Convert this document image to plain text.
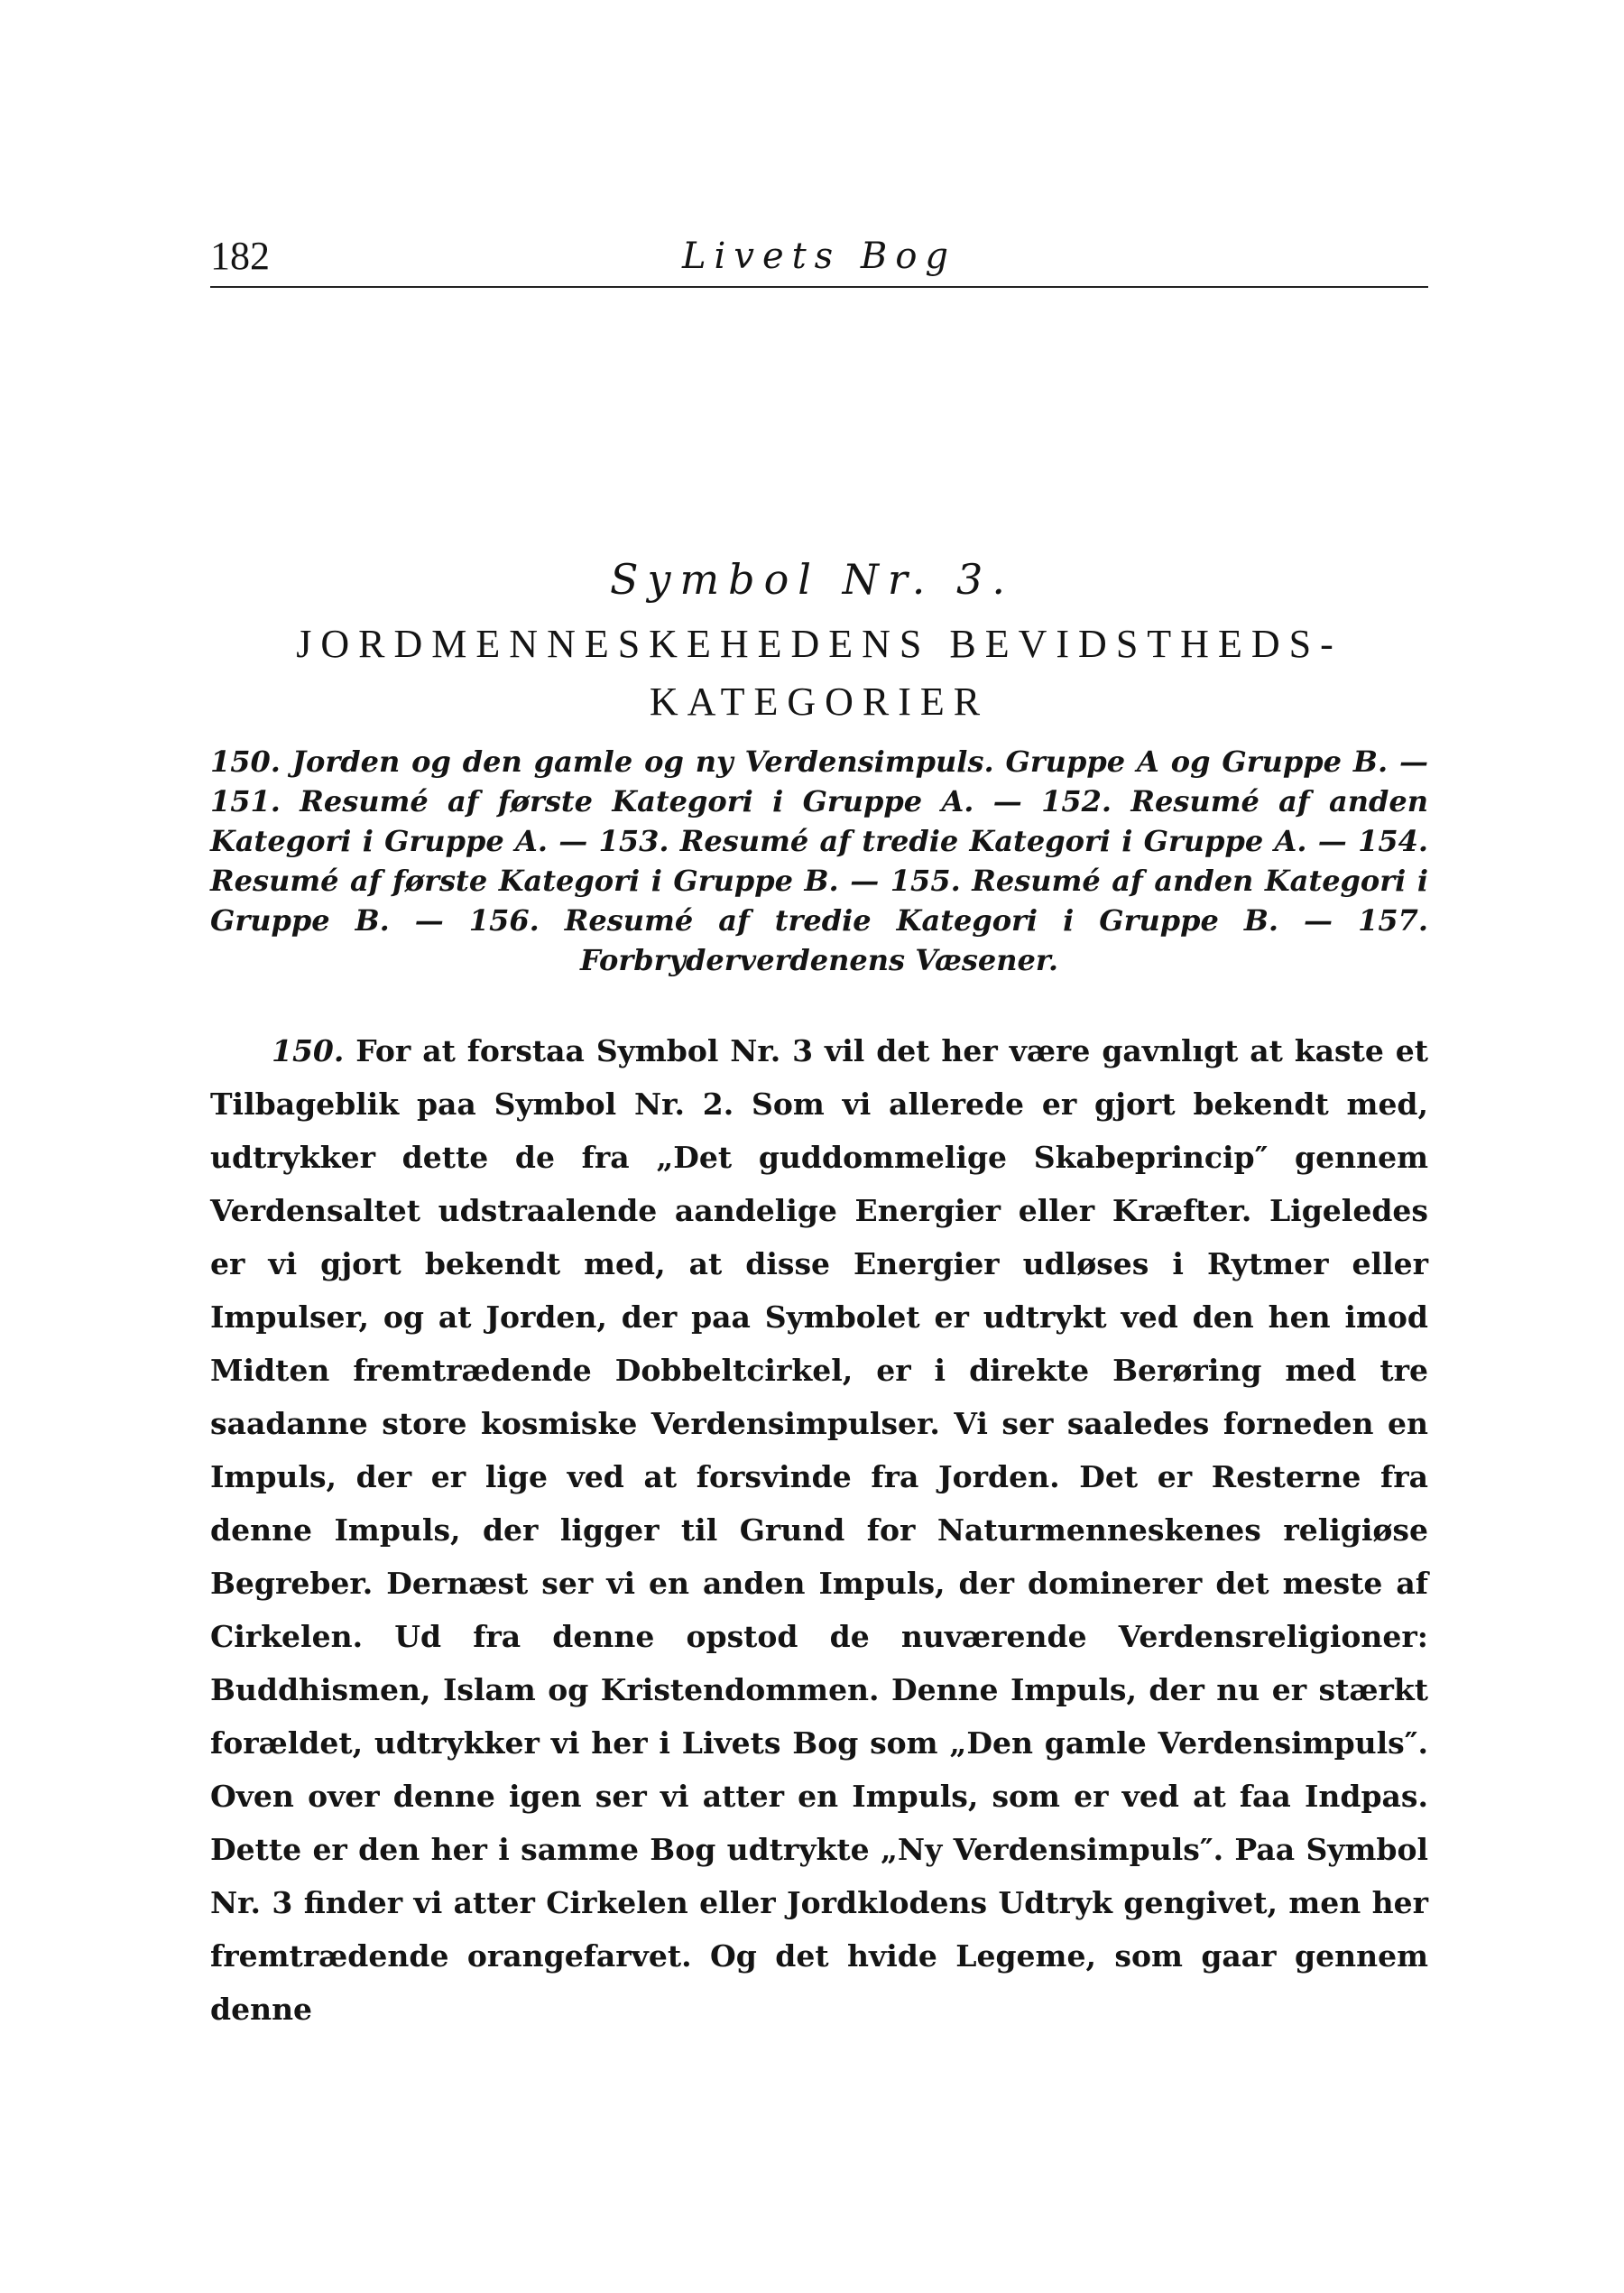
182	Livets Bog
Symbol Nr. 3.
JORDMENNESKEHEDENS BEVIDSTHEDS-KATEGORIER
150. Jorden og den gamle og ny Verdensimpuls. Gruppe A og Gruppe B. — 151. Resumé af første Kategori i Gruppe A. — 152. Resumé af anden Kategori i Gruppe A. — 153. Resumé af tredie Kategori i Gruppe A. — 154. Resumé af første Kategori i Gruppe B. — 155. Resumé af anden Kategori i Gruppe B. — 156. Resumé af tredie Kategori i Gruppe B. — 157. Forbryderverdenens Væsener.

150. For at forstaa Symbol Nr. 3 vil det her være gavnlıgt at kaste et Tilbageblik paa Symbol Nr. 2. Som vi allerede er gjort bekendt med, udtrykker dette de fra „Det guddommelige Skabeprincip″ gennem Verdensaltet udstraalende aandelige Energier eller Kræfter. Ligeledes er vi gjort bekendt med, at disse Energier udløses i Rytmer eller Impulser, og at Jorden, der paa Symbolet er udtrykt ved den hen imod Midten fremtrædende Dobbeltcirkel, er i direkte Berøring med tre saadanne store kosmiske Verdensimpulser. Vi ser saaledes forneden en Impuls, der er lige ved at forsvinde fra Jorden. Det er Resterne fra denne Impuls, der ligger til Grund for Naturmenneskenes religiøse Begreber. Dernæst ser vi en anden Impuls, der dominerer det meste af Cirkelen. Ud fra denne opstod de nuværende Verdensreligioner: Buddhismen, Islam og Kristendommen. Denne Impuls, der nu er stærkt forældet, udtrykker vi her i Livets Bog som „Den gamle Verdensimpuls″. Oven over denne igen ser vi atter en Impuls, som er ved at faa Indpas. Dette er den her i samme Bog udtrykte „Ny Verdensimpuls″. Paa Symbol Nr. 3 finder vi atter Cirkelen eller Jordklodens Udtryk gengivet, men her fremtrædende orangefarvet. Og det hvide Legeme, som gaar gennem denne
